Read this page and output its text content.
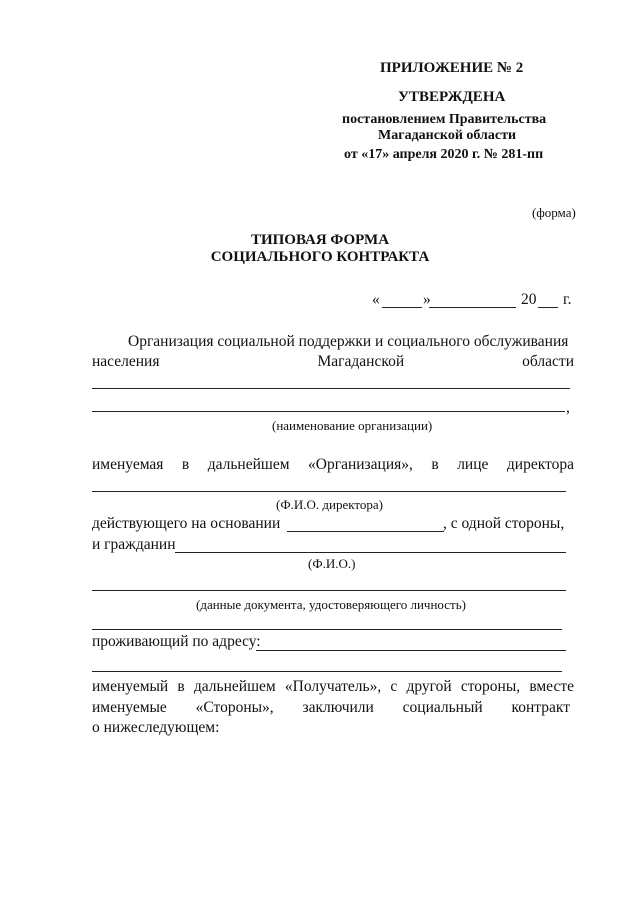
ПРИЛОЖЕНИЕ № 2
УТВЕРЖДЕНА
постановлением Правительства
Магаданской области
от «17» апреля 2020 г. № 281-пп
(форма)
ТИПОВАЯ ФОРМА
СОЦИАЛЬНОГО КОНТРАКТА
«	»	20 г.
Организация социальной поддержки и социального обслуживания
населения	Магаданской	области
,
(наименование организации)
именуемая в дальнейшем «Организация», в лице директора
(Ф.И.О. директора)
действующего на основании	, с одной стороны,
и гражданин
(Ф.И.О.)
(данные документа, удостоверяющего личность)
проживающий по адресу:
именуемый в дальнейшем «Получатель», с другой стороны, вместе
именуемые «Стороны», заключили социальный контракт
о нижеследующем:
